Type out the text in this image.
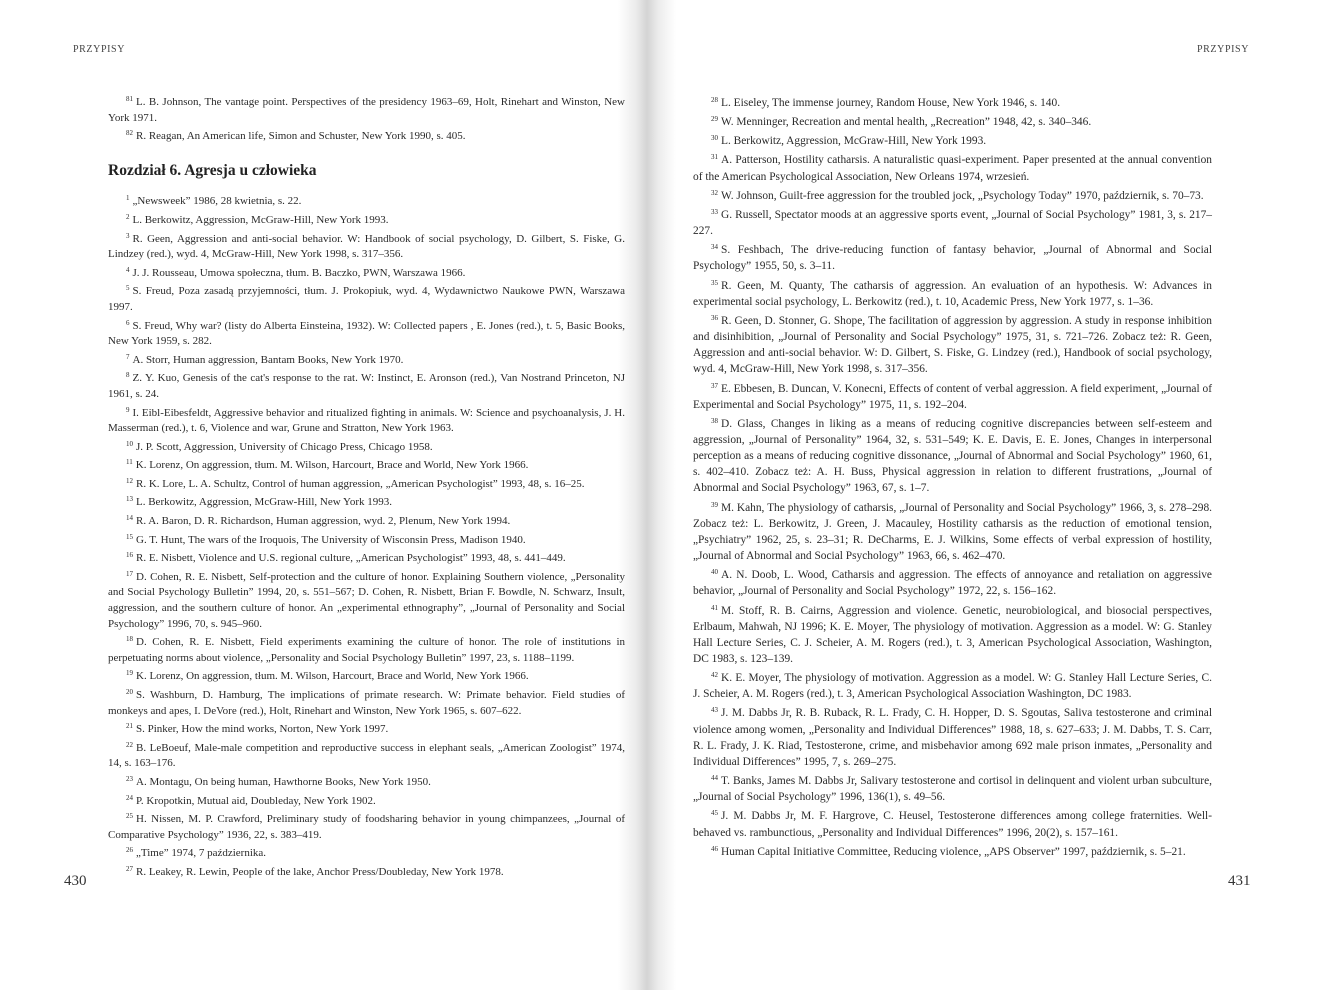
PRZYPISY	PRZYPISY
430	431

$^{81}$ L. B. Johnson, The vantage point. Perspectives of the presidency 1963–69, Holt, Rinehart and Winston, New York 1971.

$^{82}$ R. Reagan, An American life, Simon and Schuster, New York 1990, s. 405.

Rozdział 6. Agresja u człowieka

$^1$ „Newsweek” 1986, 28 kwietnia, s. 22.

$^2$ L. Berkowitz, Aggression, McGraw-Hill, New York 1993.

$^3$ R. Geen, Aggression and anti-social behavior. W: Handbook of social psychology, D. Gilbert, S. Fiske, G. Lindzey (red.), wyd. 4, McGraw-Hill, New York 1998, s. 317–356.

$^4$ J. J. Rousseau, Umowa społeczna, tłum. B. Baczko, PWN, Warszawa 1966.

$^5$ S. Freud, Poza zasadą przyjemności, tłum. J. Prokopiuk, wyd. 4, Wydawnictwo Naukowe PWN, Warszawa 1997.

$^6$ S. Freud, Why war? (listy do Alberta Einsteina, 1932). W: Collected papers , E. Jones (red.), t. 5, Basic Books, New York 1959, s. 282.

$^7$ A. Storr, Human aggression, Bantam Books, New York 1970.

$^8$ Z. Y. Kuo, Genesis of the cat's response to the rat. W: Instinct, E. Aronson (red.), Van Nostrand Princeton, NJ 1961, s. 24.

$^9$ I. Eibl-Eibesfeldt, Aggressive behavior and ritualized fighting in animals. W: Science and psychoanalysis, J. H. Masserman (red.), t. 6, Violence and war, Grune and Stratton, New York 1963.

$^{10}$ J. P. Scott, Aggression, University of Chicago Press, Chicago 1958.

$^{11}$ K. Lorenz, On aggression, tłum. M. Wilson, Harcourt, Brace and World, New York 1966.

$^{12}$ R. K. Lore, L. A. Schultz, Control of human aggression, „American Psychologist” 1993, 48, s. 16–25.

$^{13}$ L. Berkowitz, Aggression, McGraw-Hill, New York 1993.

$^{14}$ R. A. Baron, D. R. Richardson, Human aggression, wyd. 2, Plenum, New York 1994.

$^{15}$ G. T. Hunt, The wars of the Iroquois, The University of Wisconsin Press, Madison 1940.

$^{16}$ R. E. Nisbett, Violence and U.S. regional culture, „American Psychologist” 1993, 48, s. 441–449.

$^{17}$ D. Cohen, R. E. Nisbett, Self-protection and the culture of honor. Explaining Southern violence, „Personality and Social Psychology Bulletin” 1994, 20, s. 551–567; D. Cohen, R. Nisbett, Brian F. Bowdle, N. Schwarz, Insult, aggression, and the southern culture of honor. An „experimental ethnography”, „Journal of Personality and Social Psychology” 1996, 70, s. 945–960.

$^{18}$ D. Cohen, R. E. Nisbett, Field experiments examining the culture of honor. The role of institutions in perpetuating norms about violence, „Personality and Social Psychology Bulletin” 1997, 23, s. 1188–1199.

$^{19}$ K. Lorenz, On aggression, tłum. M. Wilson, Harcourt, Brace and World, New York 1966.

$^{20}$ S. Washburn, D. Hamburg, The implications of primate research. W: Primate behavior. Field studies of monkeys and apes, I. DeVore (red.), Holt, Rinehart and Winston, New York 1965, s. 607–622.

$^{21}$ S. Pinker, How the mind works, Norton, New York 1997.

$^{22}$ B. LeBoeuf, Male-male competition and reproductive success in elephant seals, „American Zoologist” 1974, 14, s. 163–176.

$^{23}$ A. Montagu, On being human, Hawthorne Books, New York 1950.

$^{24}$ P. Kropotkin, Mutual aid, Doubleday, New York 1902.

$^{25}$ H. Nissen, M. P. Crawford, Preliminary study of foodsharing behavior in young chimpanzees, „Journal of Comparative Psychology” 1936, 22, s. 383–419.

$^{26}$ „Time” 1974, 7 października.

$^{27}$ R. Leakey, R. Lewin, People of the lake, Anchor Press/Doubleday, New York 1978.

$^{28}$ L. Eiseley, The immense journey, Random House, New York 1946, s. 140.

$^{29}$ W. Menninger, Recreation and mental health, „Recreation” 1948, 42, s. 340–346.

$^{30}$ L. Berkowitz, Aggression, McGraw-Hill, New York 1993.

$^{31}$ A. Patterson, Hostility catharsis. A naturalistic quasi-experiment. Paper presented at the annual convention of the American Psychological Association, New Orleans 1974, wrzesień.

$^{32}$ W. Johnson, Guilt-free aggression for the troubled jock, „Psychology Today” 1970, październik, s. 70–73.

$^{33}$ G. Russell, Spectator moods at an aggressive sports event, „Journal of Social Psychology” 1981, 3, s. 217–227.

$^{34}$ S. Feshbach, The drive-reducing function of fantasy behavior, „Journal of Abnormal and Social Psychology” 1955, 50, s. 3–11.

$^{35}$ R. Geen, M. Quanty, The catharsis of aggression. An evaluation of an hypothesis. W: Advances in experimental social psychology, L. Berkowitz (red.), t. 10, Academic Press, New York 1977, s. 1–36.

$^{36}$ R. Geen, D. Stonner, G. Shope, The facilitation of aggression by aggression. A study in response inhibition and disinhibition, „Journal of Personality and Social Psychology” 1975, 31, s. 721–726. Zobacz też: R. Geen, Aggression and anti-social behavior. W: D. Gilbert, S. Fiske, G. Lindzey (red.), Handbook of social psychology, wyd. 4, McGraw-Hill, New York 1998, s. 317–356.

$^{37}$ E. Ebbesen, B. Duncan, V. Konecni, Effects of content of verbal aggression. A field experiment, „Journal of Experimental and Social Psychology” 1975, 11, s. 192–204.

$^{38}$ D. Glass, Changes in liking as a means of reducing cognitive discrepancies between self-esteem and aggression, „Journal of Personality” 1964, 32, s. 531–549; K. E. Davis, E. E. Jones, Changes in interpersonal perception as a means of reducing cognitive dissonance, „Journal of Abnormal and Social Psychology” 1960, 61, s. 402–410. Zobacz też: A. H. Buss, Physical aggression in relation to different frustrations, „Journal of Abnormal and Social Psychology” 1963, 67, s. 1–7.

$^{39}$ M. Kahn, The physiology of catharsis, „Journal of Personality and Social Psychology” 1966, 3, s. 278–298. Zobacz też: L. Berkowitz, J. Green, J. Macauley, Hostility catharsis as the reduction of emotional tension, „Psychiatry” 1962, 25, s. 23–31; R. DeCharms, E. J. Wilkins, Some effects of verbal expression of hostility, „Journal of Abnormal and Social Psychology” 1963, 66, s. 462–470.

$^{40}$ A. N. Doob, L. Wood, Catharsis and aggression. The effects of annoyance and retaliation on aggressive behavior, „Journal of Personality and Social Psychology” 1972, 22, s. 156–162.

$^{41}$ M. Stoff, R. B. Cairns, Aggression and violence. Genetic, neurobiological, and biosocial perspectives, Erlbaum, Mahwah, NJ 1996; K. E. Moyer, The physiology of motivation. Aggression as a model. W: G. Stanley Hall Lecture Series, C. J. Scheier, A. M. Rogers (red.), t. 3, American Psychological Association, Washington, DC 1983, s. 123–139.

$^{42}$ K. E. Moyer, The physiology of motivation. Aggression as a model. W: G. Stanley Hall Lecture Series, C. J. Scheier, A. M. Rogers (red.), t. 3, American Psychological Association Washington, DC 1983.

$^{43}$ J. M. Dabbs Jr, R. B. Ruback, R. L. Frady, C. H. Hopper, D. S. Sgoutas, Saliva testosterone and criminal violence among women, „Personality and Individual Differences” 1988, 18, s. 627–633; J. M. Dabbs, T. S. Carr, R. L. Frady, J. K. Riad, Testosterone, crime, and misbehavior among 692 male prison inmates, „Personality and Individual Differences” 1995, 7, s. 269–275.

$^{44}$ T. Banks, James M. Dabbs Jr, Salivary testosterone and cortisol in delinquent and violent urban subculture, „Journal of Social Psychology” 1996, 136(1), s. 49–56.

$^{45}$ J. M. Dabbs Jr, M. F. Hargrove, C. Heusel, Testosterone differences among college fraternities. Well-behaved vs. rambunctious, „Personality and Individual Differences” 1996, 20(2), s. 157–161.

$^{46}$ Human Capital Initiative Committee, Reducing violence, „APS Observer” 1997, październik, s. 5–21.
